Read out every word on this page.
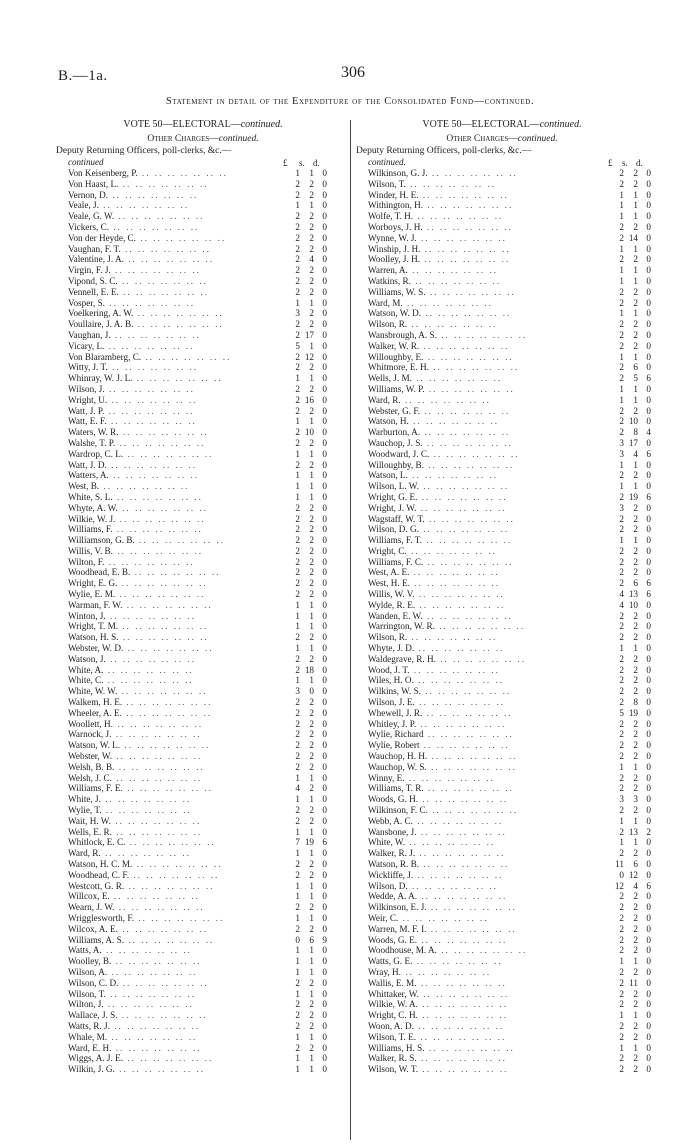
B.—1a.	306
Statement in detail of the Expenditure of the Consolidated Fund—continued.
VOTE 50—ELECTORAL—continued.
Other Charges—continued.
Deputy Returning Officers, poll-clerks, &c.—
continued	£ s. d.
Von Keisenberg, P. .. .. .. .. .. .. ..	1	1 0
Von Haast, L. .. .. .. .. .. .. ..	2	2 0
Vernon, D. .. .. .. .. .. .. ..	2	2 0
Veale, J. .. .. .. .. .. .. ..	1	1 0
Veale, G. W. .. .. .. .. .. .. ..	2	2 0
Vickers, C. .. .. .. .. .. .. ..	2	2 0
Von der Heyde, C. .. .. .. .. .. .. ..	2	2 0
Vaughan, F. T. .. .. .. .. .. .. ..	2	2 0
Valentine, J. A. .. .. .. .. .. .. ..	2	4 0
Virgin, F. J. .. .. .. .. .. .. ..	2	2 0
Vipond, S. C. .. .. .. .. .. .. ..	2	2 0
Vennell, E. E. .. .. .. .. .. .. ..	2	2 0
Vosper, S. .. .. .. .. .. .. ..	1	1 0
Voelkering, A. W. .. .. .. .. .. .. ..	3	2 0
Voullaire, J. A. B. .. .. .. .. .. .. ..	2	2 0
Vaughan, J. .. .. .. .. .. .. ..	2 17 0
Vicary, L. .. .. .. .. .. .. ..	5	1 0
Von Blaramberg, C. .. .. .. .. .. .. ..	2 12 0
Witty, J. T. .. .. .. .. .. .. ..	2	2 0
Whinray, W. J. L. .. .. .. .. .. .. ..	1	1 0
Wilson, J. .. .. .. .. .. .. ..	2	2 0
Wright, U. .. .. .. .. .. .. ..	2 16 0
Watt, J. P. .. .. .. .. .. .. ..	2	2 0
Watt, E. F. .. .. .. .. .. .. ..	1	1 0
Waters, W. R. .. .. .. .. .. .. ..	2 10 0
Walshe, T. P. .. .. .. .. .. .. ..	2	2 0
Wardrop, C. L. .. .. .. .. .. .. ..	1	1 0
Watt, J. D. .. .. .. .. .. .. ..	2	2 0
Watters, A. .. .. .. .. .. .. ..	1	1 0
West, B. .. .. .. .. .. .. ..	1	1 0
White, S. L. .. .. .. .. .. .. ..	1	1 0
Whyte, A. W. .. .. .. .. .. .. ..	2	2 0
Wilkie, W. J. .. .. .. .. .. .. ..	2	2 0
Williams, F. .. .. .. .. .. .. ..	2	2 0
Williamson, G. B. .. .. .. .. .. .. ..	2	2 0
Willis, V. B. .. .. .. .. .. .. ..	2	2 0
Wilton, F. .. .. .. .. .. .. ..	2	2 0
Woodhead, E. B. .. .. .. .. .. .. ..	2	2 0
Wright, E. G. .. .. .. .. .. .. ..	2	2 0
Wylie, E. M. .. .. .. .. .. .. ..	2	2 0
Warman, F. W. .. .. .. .. .. .. ..	1	1 0
Winton, J. .. .. .. .. .. .. ..	1	1 0
Wright, T. M. .. .. .. .. .. .. ..	1	1 0
Watson, H. S. .. .. .. .. .. .. ..	2	2 0
Webster, W. D. .. .. .. .. .. .. ..	1	1 0
Watson, J. .. .. .. .. .. .. ..	2	2 0
White, A. .. .. .. .. .. .. ..	2 18 0
White, C. .. .. .. .. .. .. ..	1	1 0
White, W. W. .. .. .. .. .. .. ..	3	0 0
Walkem, H. E. .. .. .. .. .. .. ..	2	2 0
Wheeler, A. E. .. .. .. .. .. .. ..	2	2 0
Woollett, H. .. .. .. .. .. .. ..	2	2 0
Warnock, J. .. .. .. .. .. .. ..	2	2 0
Watson, W. L. .. .. .. .. .. .. ..	2	2 0
Webster, W. .. .. .. .. .. .. ..	2	2 0
Welsh, B. B. .. .. .. .. .. .. ..	2	2 0
Welsh, J. C. .. .. .. .. .. .. ..	1	1 0
Williams, F. E. .. .. .. .. .. .. ..	4	2 0
White, J. .. .. .. .. .. .. ..	1	1 0
Wylie, T. .. .. .. .. .. .. ..	2	2 0
Wait, H. W. .. .. .. .. .. .. ..	2	2 0
Wells, E. R. .. .. .. .. .. .. ..	1	1 0
Whitlock, E. C. .. .. .. .. .. .. ..	7 19 6
Ward, R. .. .. .. .. .. .. ..	1	1 0
Watson, H. C. M. .. .. .. .. .. .. ..	2	2 0
Woodhead, C. F. .. .. .. .. .. .. ..	2	2 0
Westcott, G. R. .. .. .. .. .. .. ..	1	1 0
Willcox, E. .. .. .. .. .. .. ..	1	1 0
Wearn, J. W. .. .. .. .. .. .. ..	2	2 0
Wrigglesworth, F. .. .. .. .. .. .. ..	1	1 0
Wilcox, A. E. .. .. .. .. .. .. ..	2	2 0
Williams, A. S. .. .. .. .. .. .. ..	0	6 9
Watts, A. .. .. .. .. .. .. ..	1	1 0
Woolley, B. .. .. .. .. .. .. ..	1	1 0
Wilson, A. .. .. .. .. .. .. ..	1	1 0
Wilson, C. D. .. .. .. .. .. .. ..	2	2 0
Wilson, T. .. .. .. .. .. .. ..	1	1 0
Wilton, J. .. .. .. .. .. .. ..	2	2 0
Wallace, J. S. .. .. .. .. .. .. ..	2	2 0
Watts, R. J. .. .. .. .. .. .. ..	2	2 0
Whale, M. .. .. .. .. .. .. ..	1	1 0
Ward, E. H. .. .. .. .. .. .. ..	2	2 0
Wiggs, A. J. E. .. .. .. .. .. .. ..	1	1 0
Wilkin, J. G. .. .. .. .. .. .. ..	1	1 0
VOTE 50—ELECTORAL—continued.
Other Charges—continued.
Deputy Returning Officers, poll-clerks, &c.—
continued.	£ s. d.
Wilkinson, G. J. .. .. .. .. .. .. ..	2	2 0
Wilson, T. .. .. .. .. .. .. ..	2	2 0
Winder, H. E. .. .. .. .. .. .. ..	1	1 0
Withington, H. .. .. .. .. .. .. ..	1	1 0
Wolfe, T. H. .. .. .. .. .. .. ..	1	1 0
Worboys, J. H. .. .. .. .. .. .. ..	2	2 0
Wynne, W. J. .. .. .. .. .. .. ..	2 14 0
Winship, J. H. .. .. .. .. .. .. ..	1	1 0
Woolley, J. H. .. .. .. .. .. .. ..	2	2 0
Warren, A. .. .. .. .. .. .. ..	1	1 0
Watkins, R. .. .. .. .. .. .. ..	1	1 0
Williams, W. S. .. .. .. .. .. .. ..	2	2 0
Ward, M. .. .. .. .. .. .. ..	2	2 0
Watson, W. D. .. .. .. .. .. .. ..	1	1 0
Wilson, R. .. .. .. .. .. .. ..	2	2 0
Wansbrough, A. S. .. .. .. .. .. .. ..	2	2 0
Walker, W. R. .. .. .. .. .. .. ..	2	2 0
Willoughby, E. .. .. .. .. .. .. ..	1	1 0
Whitmore, E. H. .. .. .. .. .. .. ..	2	6 0
Wells, J. M. .. .. .. .. .. .. ..	2	5 6
Williams, W. P. .. .. .. .. .. .. ..	1	1 0
Ward, R. .. .. .. .. .. .. ..	1	1 0
Webster, G. F. .. .. .. .. .. .. ..	2	2 0
Watson, H. .. .. .. .. .. .. ..	2 10 0
Warburton, A. .. .. .. .. .. .. ..	2	8 4
Wauchop, J. S. .. .. .. .. .. .. ..	3 17 0
Woodward, J. C. .. .. .. .. .. .. ..	3	4 6
Willoughby, B. .. .. .. .. .. .. ..	1	1 0
Watson, L. .. .. .. .. .. .. ..	2	2 0
Wilson, L. W. .. .. .. .. .. .. ..	1	1 0
Wright, G. E. .. .. .. .. .. .. ..	2 19 6
Wright, J. W. .. .. .. .. .. .. ..	3	2 0
Wagstaff, W. T. .. .. .. .. .. .. ..	2	2 0
Wilson, D. G. .. .. .. .. .. .. ..	2	2 0
Williams, F. T. .. .. .. .. .. .. ..	1	1 0
Wright, C. .. .. .. .. .. .. ..	2	2 0
Williams, F. C. .. .. .. .. .. .. ..	2	2 0
West, A. E. .. .. .. .. .. .. ..	2	2 0
West, H. E. .. .. .. .. .. .. ..	2	6 6
Willis, W. V. .. .. .. .. .. .. ..	4 13 6
Wylde, R. E. .. .. .. .. .. .. ..	4 10 0
Wanden, E. W. .. .. .. .. .. .. ..	2	2 0
Warrington, W. R. .. .. .. .. .. .. ..	2	2 0
Wilson, R. .. .. .. .. .. .. ..	2	2 0
Whyte, J. D. .. .. .. .. .. .. ..	1	1 0
Waldegrave, R. H. .. .. .. .. .. .. ..	2	2 0
Wood, J. T. .. .. .. .. .. .. ..	2	2 0
Wiles, H. O. .. .. .. .. .. .. ..	2	2 0
Wilkins, W. S. .. .. .. .. .. .. ..	2	2 0
Wilson, J. E. .. .. .. .. .. .. ..	2	8 0
Whewell, J. R. .. .. .. .. .. .. ..	5 19 0
Whitley, J. P. .. .. .. .. .. .. ..	2	2 0
Wylie, Richard .. .. .. .. .. .. ..	2	2 0
Wylie, Robert .. .. .. .. .. .. ..	2	2 0
Wauchop, H. H. .. .. .. .. .. .. ..	2	2 0
Wauchop, W. S. .. .. .. .. .. .. ..	1	1 0
Winny, E. .. .. .. .. .. .. ..	2	2 0
Williams, T. R. .. .. .. .. .. .. ..	2	2 0
Woods, G. H. .. .. .. .. .. .. ..	3	3 0
Wilkinson, F. C. .. .. .. .. .. .. ..	2	2 0
Webb, A. C. .. .. .. .. .. .. ..	1	1 0
Wansbone, J. .. .. .. .. .. .. ..	2 13 2
White, W. .. .. .. .. .. .. ..	1	1 0
Walker, R. J. .. .. .. .. .. .. ..	2	2 0
Watson, R. B. .. .. .. .. .. .. ..	11	6 0
Wickliffe, J. .. .. .. .. .. .. ..	0 12 0
Wilson, D. .. .. .. .. .. .. ..	12	4 6
Wedde, A. A. .. .. .. .. .. .. ..	2	2 0
Wilkinson, E. J. .. .. .. .. .. .. ..	2	2 0
Weir, C. .. .. .. .. .. .. ..	2	2 0
Warren, M. F. I. .. .. .. .. .. .. ..	2	2 0
Woods, G. E. .. .. .. .. .. .. ..	2	2 0
Woodhouse, M. A. .. .. .. .. .. .. ..	2	2 0
Watts, G. E. .. .. .. .. .. .. ..	1	1 0
Wray, H. .. .. .. .. .. .. ..	2	2 0
Wallis, E. M. .. .. .. .. .. .. ..	2 11 0
Whittaker, W. .. .. .. .. .. .. ..	2	2 0
Wilkie, W. A. .. .. .. .. .. .. ..	2	2 0
Wright, C. H. .. .. .. .. .. .. ..	1	1 0
Woon, A. D. .. .. .. .. .. .. ..	2	2 0
Wilson, T. E. .. .. .. .. .. .. ..	2	2 0
Williams, H. S. .. .. .. .. .. .. ..	1	1 0
Walker, R. S. .. .. .. .. .. .. ..	2	2 0
Wilson, W. T. .. .. .. .. .. .. ..	2	2 0
